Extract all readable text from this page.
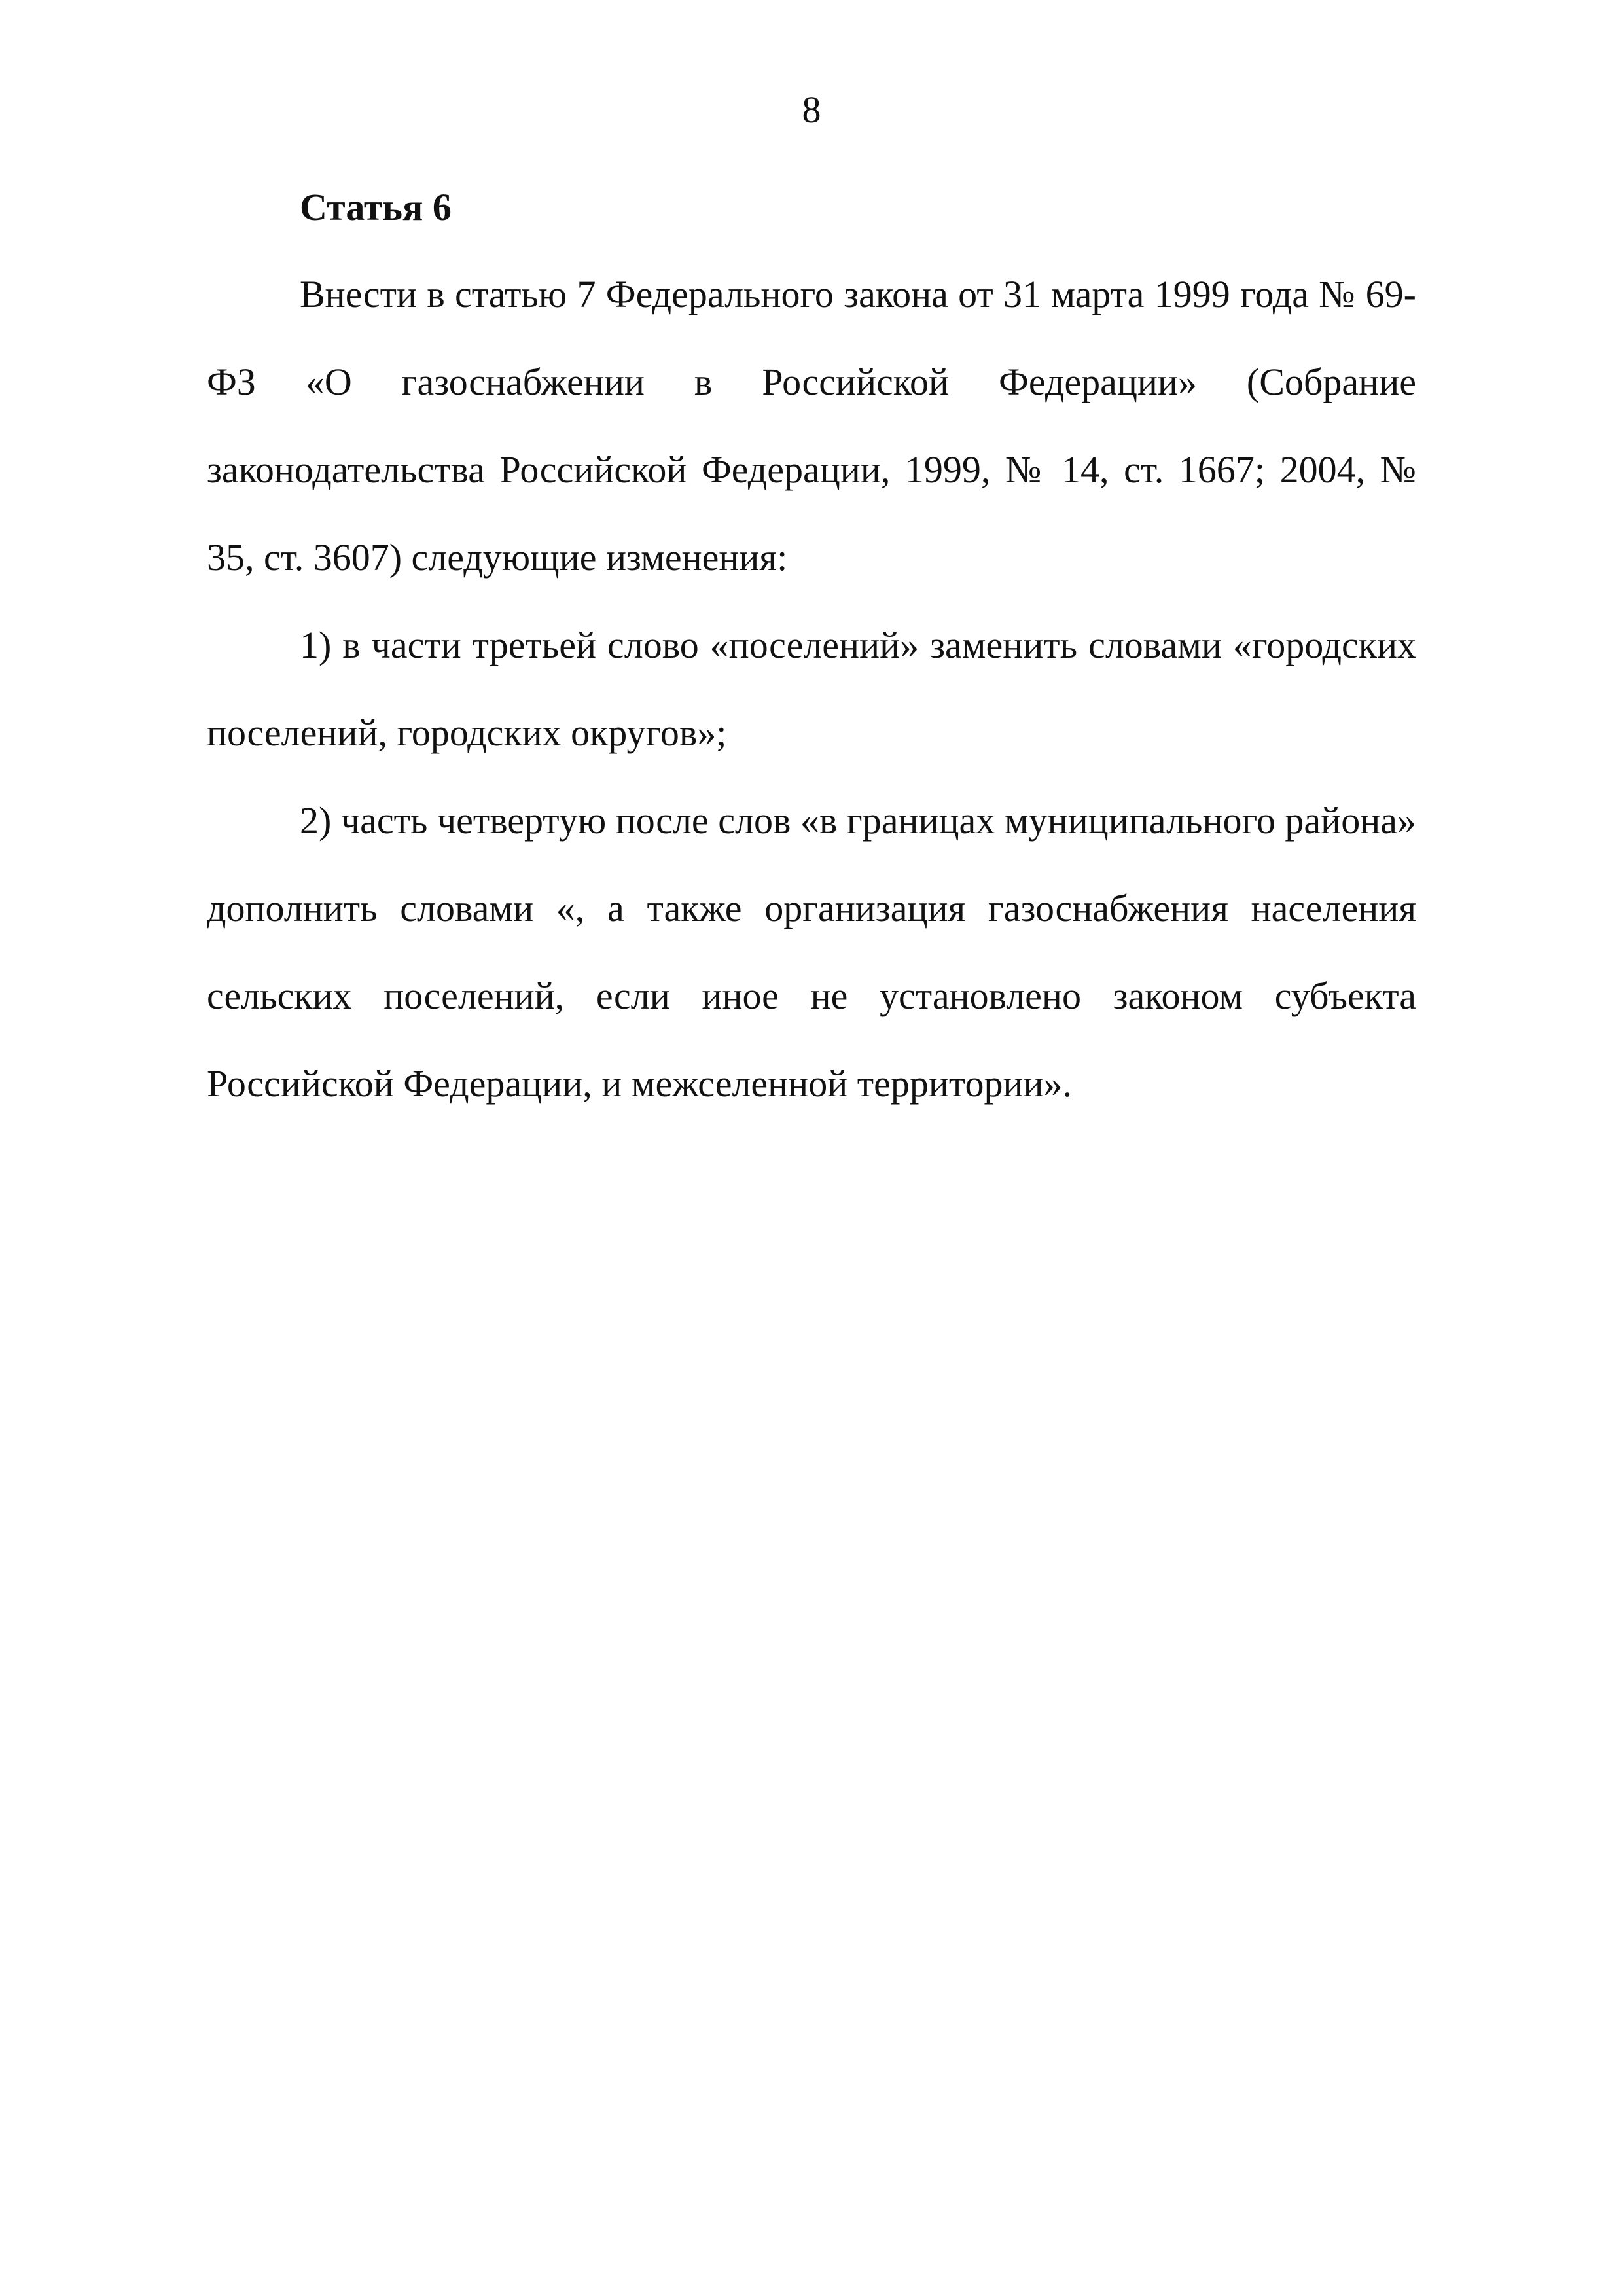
8
Статья 6

Внести в статью 7 Федерального закона от 31 марта 1999 года № 69-ФЗ «О газоснабжении в Российской Федерации» (Собрание законодательства Российской Федерации, 1999, № 14, ст. 1667; 2004, № 35, ст. 3607) следующие изменения:

1) в части третьей слово «поселений» заменить словами «городских поселений, городских округов»;

2) часть четвертую после слов «в границах муниципального района» дополнить словами «, а также организация газоснабжения населения сельских поселений, если иное не установлено законом субъекта Российской Федерации, и межселенной территории».
